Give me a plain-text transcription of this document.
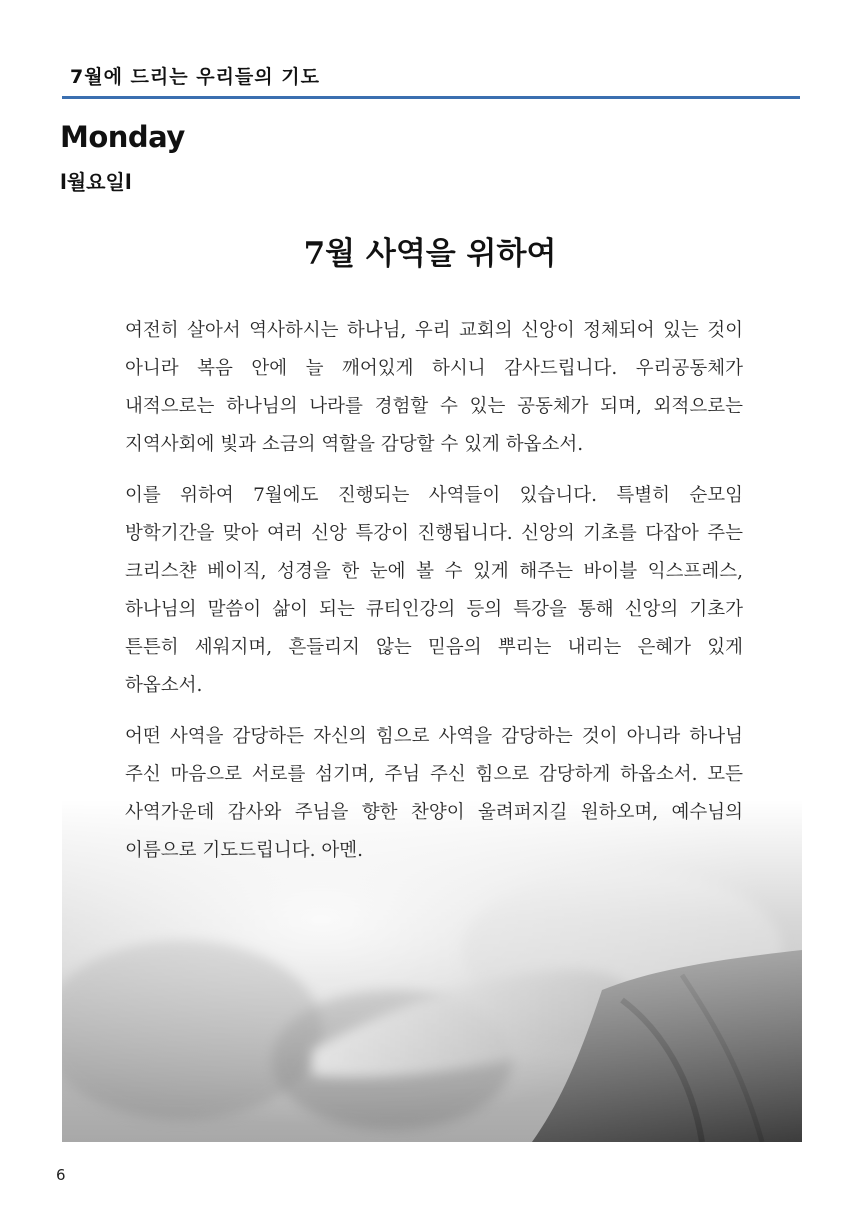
7월에 드리는 우리들의 기도
Monday
l월요일l
7월 사역을 위하여

여전히 살아서 역사하시는 하나님, 우리 교회의 신앙이 정체되어 있는 것이 아니라 복음 안에 늘 깨어있게 하시니 감사드립니다. 우리공동체가 내적으로는 하나님의 나라를 경험할 수 있는 공동체가 되며, 외적으로는 지역사회에 빛과 소금의 역할을 감당할 수 있게 하옵소서.

이를 위하여 7월에도 진행되는 사역들이 있습니다. 특별히 순모임 방학기간을 맞아 여러 신앙 특강이 진행됩니다. 신앙의 기초를 다잡아 주는 크리스챤 베이직, 성경을 한 눈에 볼 수 있게 해주는 바이블 익스프레스, 하나님의 말씀이 삶이 되는 큐티인강의 등의 특강을 통해 신앙의 기초가 튼튼히 세워지며, 흔들리지 않는 믿음의 뿌리는 내리는 은혜가 있게 하옵소서.

어떤 사역을 감당하든 자신의 힘으로 사역을 감당하는 것이 아니라 하나님 주신 마음으로 서로를 섬기며, 주님 주신 힘으로 감당하게 하옵소서. 모든 사역가운데 감사와 주님을 향한 찬양이 울려퍼지길 원하오며, 예수님의 이름으로 기도드립니다. 아멘.

6
